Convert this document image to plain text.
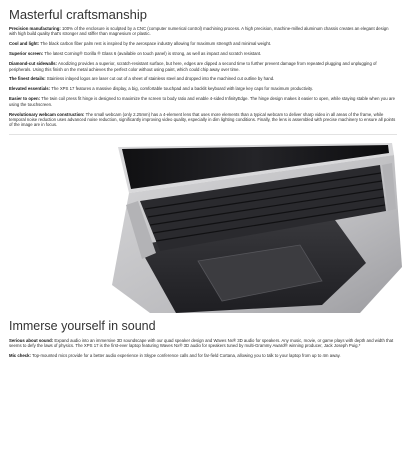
Masterful craftsmanship

Precision manufacturing: 100% of the enclosure is sculpted by a CNC (computer numerical control) machining process. A high precision, machine-milled aluminum chassis creates an elegant design with high build quality that's stronger and stiffer than magnesium or plastic.

Cool and light: The black carbon fiber palm rest is inspired by the aerospace industry allowing for maximum strength and minimal weight.

Superior screen: The latest Corning® Gorilla ® Glass 6 (available on touch panel) is strong, as well as impact and scratch resistant.

Diamond-cut sidewalls: Anodizing provides a superior, scratch-resistant surface, but here, edges are dipped a second time to further prevent damage from repeated plugging and unplugging of peripherals. Using this finish on the metal achieves the perfect color without using paint, which could chip away over time.

The finest details: Stainless inlayed logos are laser cut out of a sheet of stainless steel and dropped into the machined cut outline by hand.

Elevated essentials: The XPS 17 features a massive display, a big, comfortable touchpad and a backlit keyboard with large key caps for maximum productivity.

Easier to open: The twin coil press fit hinge is designed to maximize the screen to body ratio and enable 4-sided InfinityEdge. The hinge design makes it easier to open, while staying stable when you are using the touchscreen.

Revolutionary webcam construction: The small webcam (only 2.25mm) has a 4-element lens that uses more elements than a typical webcam to deliver sharp video in all areas of the frame, while temporal noise reduction uses advanced noise reduction, significantly improving video quality, especially in dim lighting conditions. Finally, the lens is assembled with precise machinery to ensure all points of the image are in focus.

Immerse yourself in sound

Serious about sound: Expand audio into an immersive 3D soundscape with our quad speaker design and Waves Nx® 3D audio for speakers. Any music, movie, or game plays with depth and width that seems to defy the laws of physics. The XPS 17 is the first-ever laptop featuring Waves Nx® 3D audio for speakers tuned by multi-Grammy Award® winning producer, Jack Joseph Puig.*

Mic check: Top-mounted mics provide for a better audio experience in Skype conference calls and for far-field Cortana, allowing you to talk to your laptop from up to 4m away.
